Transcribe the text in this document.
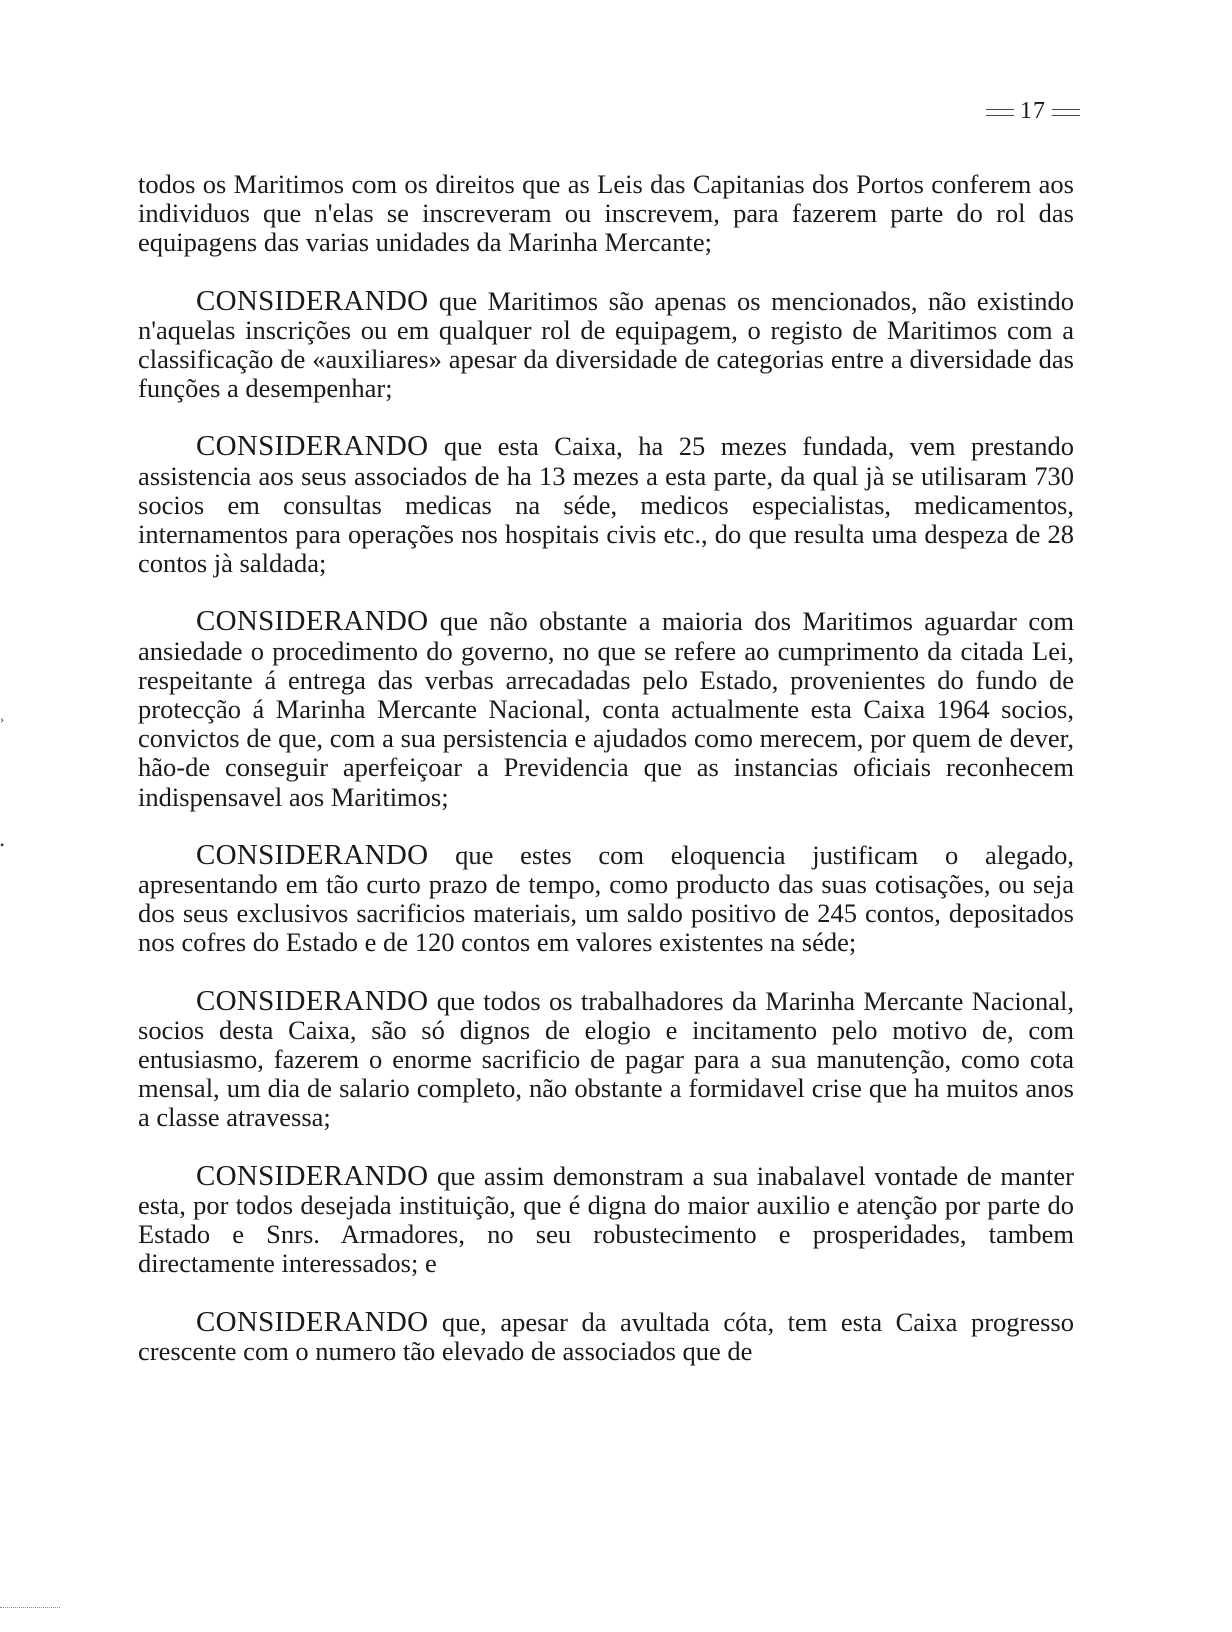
17

todos os Maritimos com os direitos que as Leis das Capitanias dos Portos conferem aos individuos que n'elas se inscreveram ou inscrevem, para fazerem parte do rol das equipagens das varias unidades da Marinha Mercante;

CONSIDERANDO que Maritimos são apenas os mencionados, não existindo n'aquelas inscrições ou em qualquer rol de equipagem, o registo de Maritimos com a classificação de «auxiliares» apesar da diversidade de categorias entre a diversidade das funções a desempenhar;

CONSIDERANDO que esta Caixa, ha 25 mezes fundada, vem prestando assistencia aos seus associados de ha 13 mezes a esta parte, da qual jà se utilisaram 730 socios em consultas medicas na séde, medicos especialistas, medicamentos, internamentos para operações nos hospitais civis etc., do que resulta uma despeza de 28 contos jà saldada;

CONSIDERANDO que não obstante a maioria dos Maritimos aguardar com ansiedade o procedimento do governo, no que se refere ao cumprimento da citada Lei, respeitante á entrega das verbas arrecadadas pelo Estado, provenientes do fundo de protecção á Marinha Mercante Nacional, conta actualmente esta Caixa 1964 socios, convictos de que, com a sua persistencia e ajudados como merecem, por quem de dever, hão-de conseguir aperfeiçoar a Previdencia que as instancias oficiais reconhecem indispensavel aos Maritimos;

CONSIDERANDO que estes com eloquencia justificam o alegado, apresentando em tão curto prazo de tempo, como producto das suas cotisações, ou seja dos seus exclusivos sacrificios materiais, um saldo positivo de 245 contos, depositados nos cofres do Estado e de 120 contos em valores existentes na séde;

CONSIDERANDO que todos os trabalhadores da Marinha Mercante Nacional, socios desta Caixa, são só dignos de elogio e incitamento pelo motivo de, com entusiasmo, fazerem o enorme sacrificio de pagar para a sua manutenção, como cota mensal, um dia de salario completo, não obstante a formidavel crise que ha muitos anos a classe atravessa;

CONSIDERANDO que assim demonstram a sua inabalavel vontade de manter esta, por todos desejada instituição, que é digna do maior auxilio e atenção por parte do Estado e Snrs. Armadores, no seu robustecimento e prosperidades, tambem directamente interessados; e

CONSIDERANDO que, apesar da avultada cóta, tem esta Caixa progresso crescente com o numero tão elevado de associados que de

›
•
